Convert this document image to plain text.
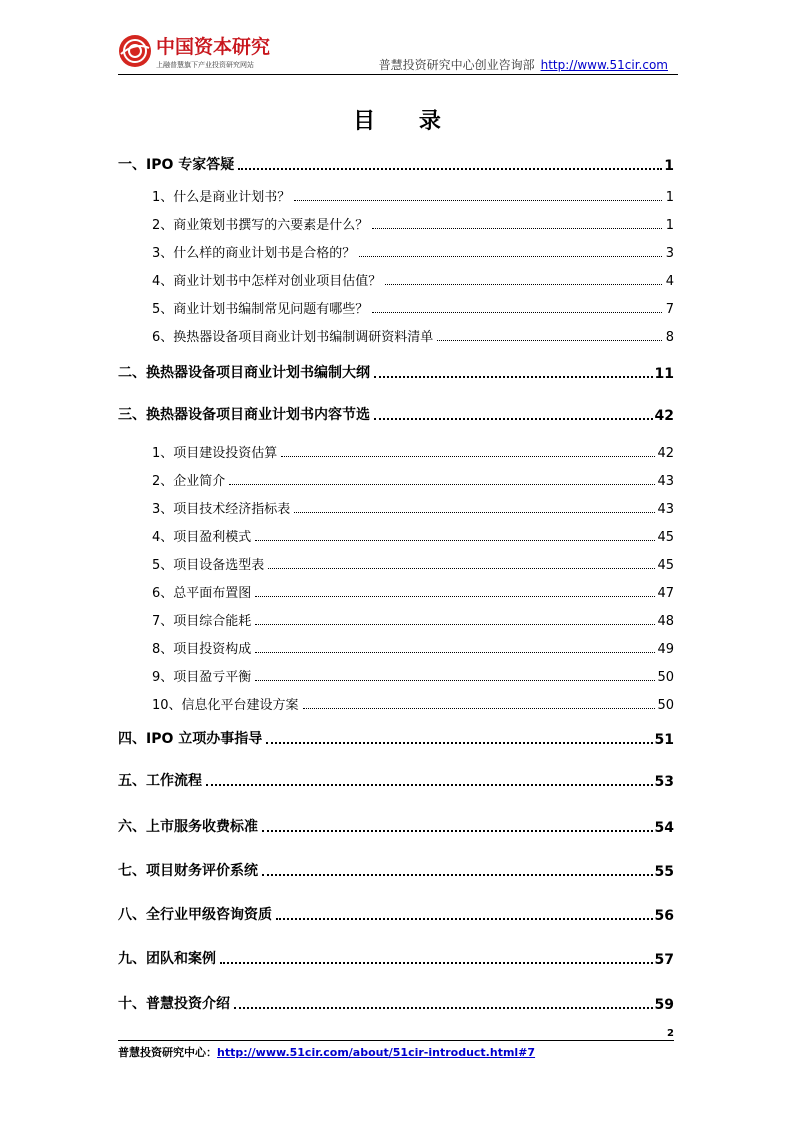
中国资本研究
上融普慧旗下产业投资研究网站	普慧投资研究中心创业咨询部 http://www.51cir.com
目 录
一、IPO 专家答疑	1
1、什么是商业计划书？	1
2、商业策划书撰写的六要素是什么？	1
3、什么样的商业计划书是合格的？	3
4、商业计划书中怎样对创业项目估值？	4
5、商业计划书编制常见问题有哪些？	7
6、换热器设备项目商业计划书编制调研资料清单	8
二、换热器设备项目商业计划书编制大纲	11
三、换热器设备项目商业计划书内容节选	42
1、项目建设投资估算	42
2、企业简介	43
3、项目技术经济指标表	43
4、项目盈利模式	45
5、项目设备选型表	45
6、总平面布置图	47
7、项目综合能耗	48
8、项目投资构成	49
9、项目盈亏平衡	50
10、信息化平台建设方案	50
四、IPO 立项办事指导	51
五、工作流程	53
六、上市服务收费标准	54
七、项目财务评价系统	55
八、全行业甲级咨询资质	56
九、团队和案例	57
十、普慧投资介绍	59
2
普慧投资研究中心：http://www.51cir.com/about/51cir-introduct.html#7
